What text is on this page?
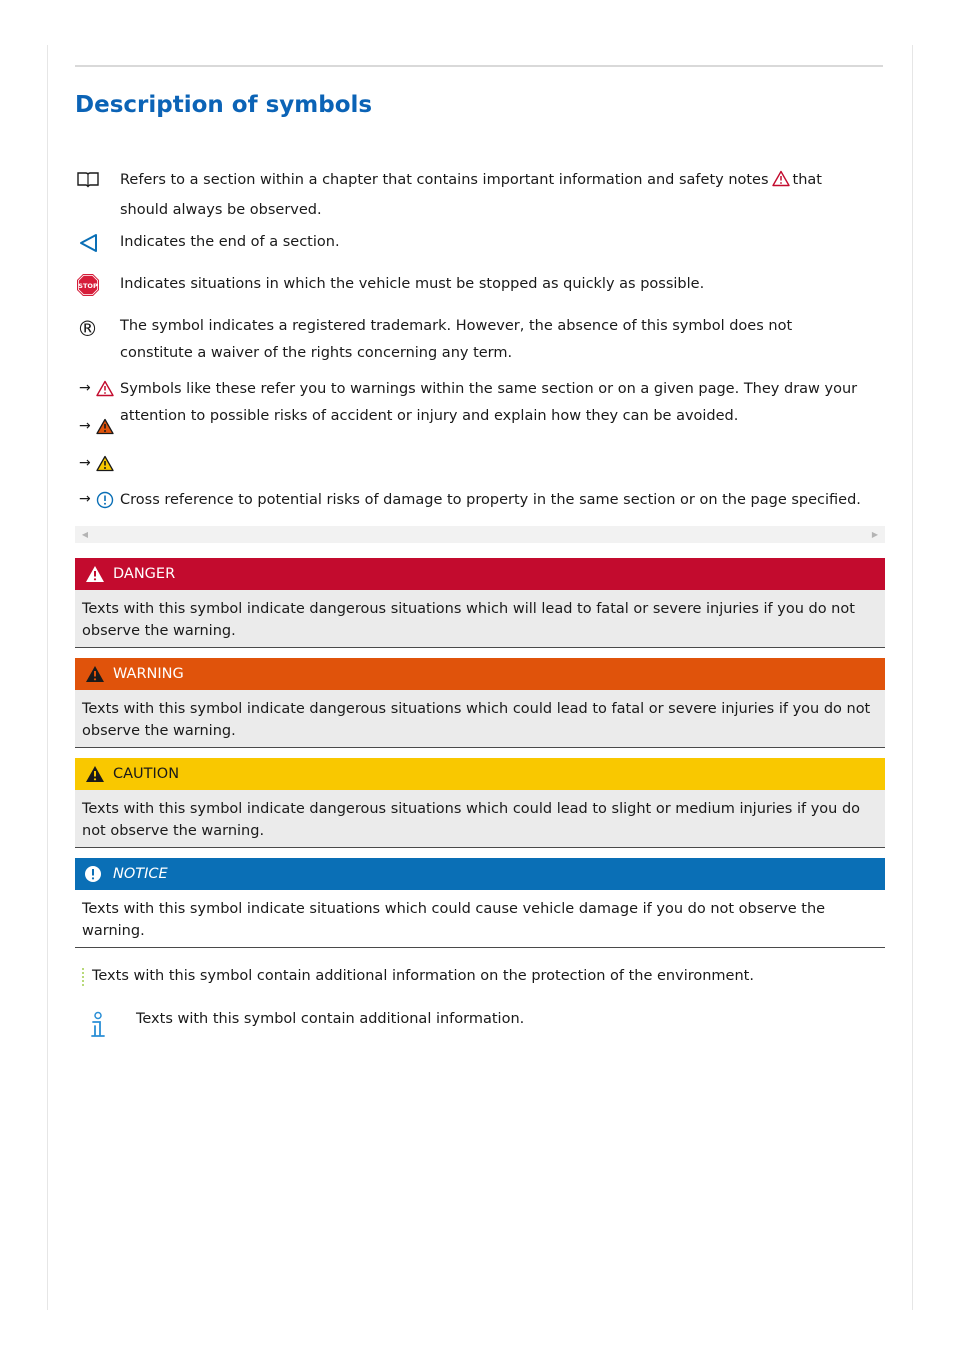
Description of symbols
Refers to a section within a chapter that contains important information and safety notes that should always be observed.
Indicates the end of a section.
STOP Indicates situations in which the vehicle must be stopped as quickly as possible.
® The symbol indicates a registered trademark. However, the absence of this symbol does not constitute a waiver of the rights concerning any term.
→
→
→
Symbols like these refer you to warnings within the same section or on a given page. They draw your attention to possible risks of accident or injury and explain how they can be avoided.
→ Cross reference to potential risks of damage to property in the same section or on the page specified.
◀	▶
DANGER
Texts with this symbol indicate dangerous situations which will lead to fatal or severe injuries if you do not observe the warning.
WARNING
Texts with this symbol indicate dangerous situations which could lead to fatal or severe injuries if you do not observe the warning.
CAUTION
Texts with this symbol indicate dangerous situations which could lead to slight or medium injuries if you do not observe the warning.
NOTICE
Texts with this symbol indicate situations which could cause vehicle damage if you do not observe the warning.
Texts with this symbol contain additional information on the protection of the environment.
Texts with this symbol contain additional information.
